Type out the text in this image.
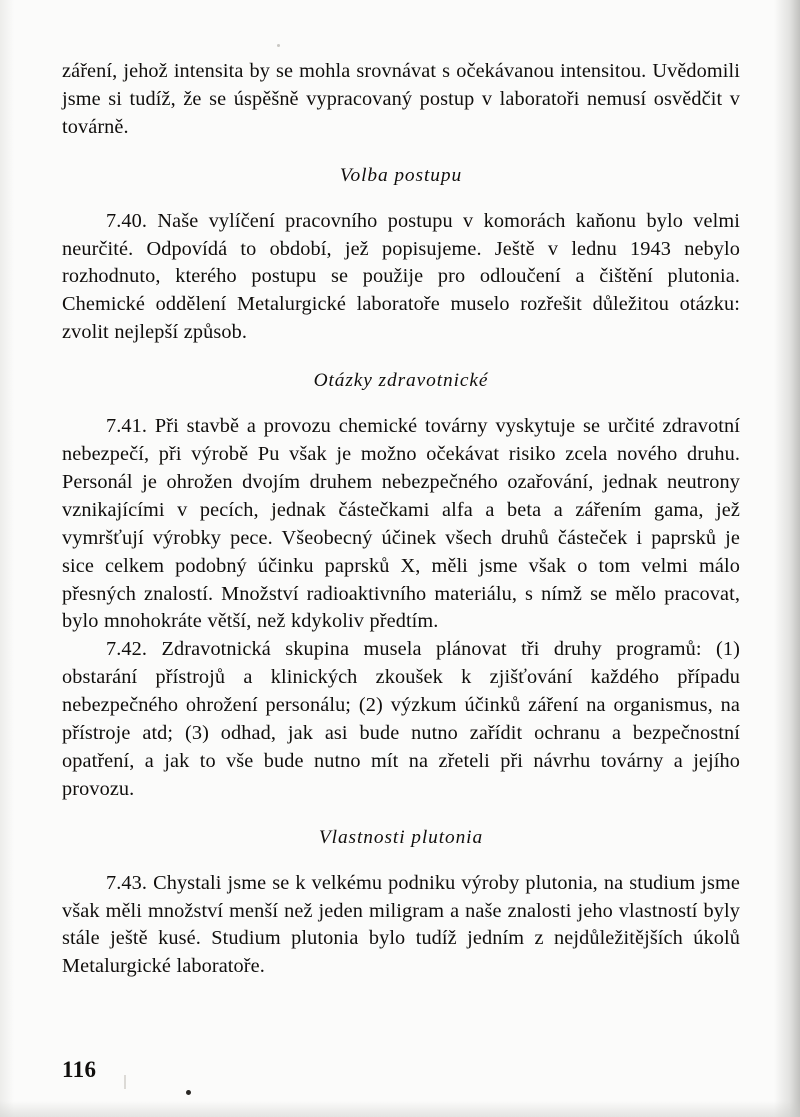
záření, jehož intensita by se mohla srovnávat s očekávanou intensitou. Uvědomili jsme si tudíž, že se úspěšně vypracovaný postup v laboratoři nemusí osvědčit v továrně.

Volba postupu

7.40. Naše vylíčení pracovního postupu v komorách kaňonu bylo velmi neurčité. Odpovídá to období, jež popisujeme. Ještě v lednu 1943 nebylo rozhodnuto, kterého postupu se použije pro odloučení a čištění plutonia. Chemické oddělení Metalurgické laboratoře muselo rozřešit důležitou otázku: zvolit nejlepší způsob.

Otázky zdravotnické

7.41. Při stavbě a provozu chemické továrny vyskytuje se určité zdravotní nebezpečí, při výrobě Pu však je možno očekávat risiko zcela nového druhu. Personál je ohrožen dvojím druhem nebezpečného ozařování, jednak neutrony vznikajícími v pecích, jednak částečkami alfa a beta a zářením gama, jež vymršťují výrobky pece. Všeobecný účinek všech druhů částeček i paprsků je sice celkem podobný účinku paprsků X, měli jsme však o tom velmi málo přesných znalostí. Množství radioaktivního materiálu, s nímž se mělo pracovat, bylo mnohokráte větší, než kdykoliv předtím.

7.42. Zdravotnická skupina musela plánovat tři druhy programů: (1) obstarání přístrojů a klinických zkoušek k zjišťování každého případu nebezpečného ohrožení personálu; (2) výzkum účinků záření na organismus, na přístroje atd; (3) odhad, jak asi bude nutno zařídit ochranu a bezpečnostní opatření, a jak to vše bude nutno mít na zřeteli při návrhu továrny a jejího provozu.

Vlastnosti plutonia

7.43. Chystali jsme se k velkému podniku výroby plutonia, na studium jsme však měli množství menší než jeden miligram a naše znalosti jeho vlastností byly stále ještě kusé. Studium plutonia bylo tudíž jedním z nejdůležitějších úkolů Metalurgické laboratoře.

116
